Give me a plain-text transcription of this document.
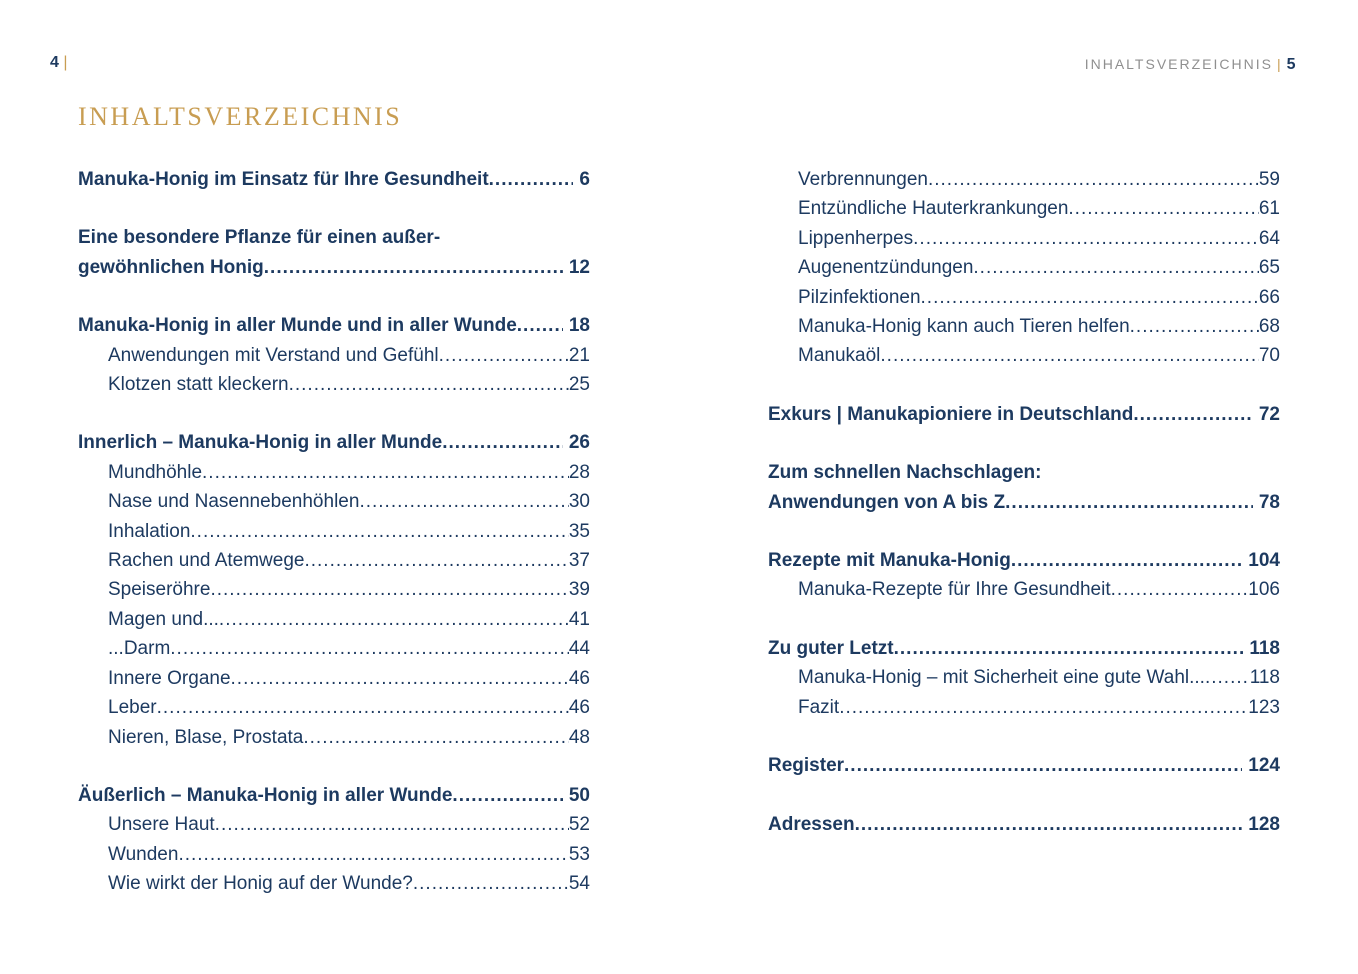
4 |	INHALTSVERZEICHNIS | 5
INHALTSVERZEICHNIS
Manuka-Honig im Einsatz für Ihre Gesundheit .....	6
Eine besondere Pflanze für einen außer-
gewöhnlichen Honig .....	12
Manuka-Honig in aller Munde und in aller Wunde .....	18
Anwendungen mit Verstand und Gefühl .....	21
Klotzen statt kleckern .....	25
Innerlich – Manuka-Honig in aller Munde .....	26
Mundhöhle .....	28
Nase und Nasennebenhöhlen .....	30
Inhalation .....	35
Rachen und Atemwege .....	37
Speiseröhre .....	39
Magen und... .....	41
...Darm .....	44
Innere Organe .....	46
Leber .....	46
Nieren, Blase, Prostata .....	48
Äußerlich – Manuka-Honig in aller Wunde .....	50
Unsere Haut .....	52
Wunden .....	53
Wie wirkt der Honig auf der Wunde? .....	54
Verbrennungen .....	59
Entzündliche Hauterkrankungen .....	61
Lippenherpes .....	64
Augenentzündungen .....	65
Pilzinfektionen .....	66
Manuka-Honig kann auch Tieren helfen .....	68
Manukaöl .....	70
Exkurs | Manukapioniere in Deutschland .....	72
Zum schnellen Nachschlagen:
Anwendungen von A bis Z .....	78
Rezepte mit Manuka-Honig .....	104
Manuka-Rezepte für Ihre Gesundheit .....	106
Zu guter Letzt .....	118
Manuka-Honig – mit Sicherheit eine gute Wahl... ..... 118
Fazit .....	123
Register .....	124
Adressen .....	128
